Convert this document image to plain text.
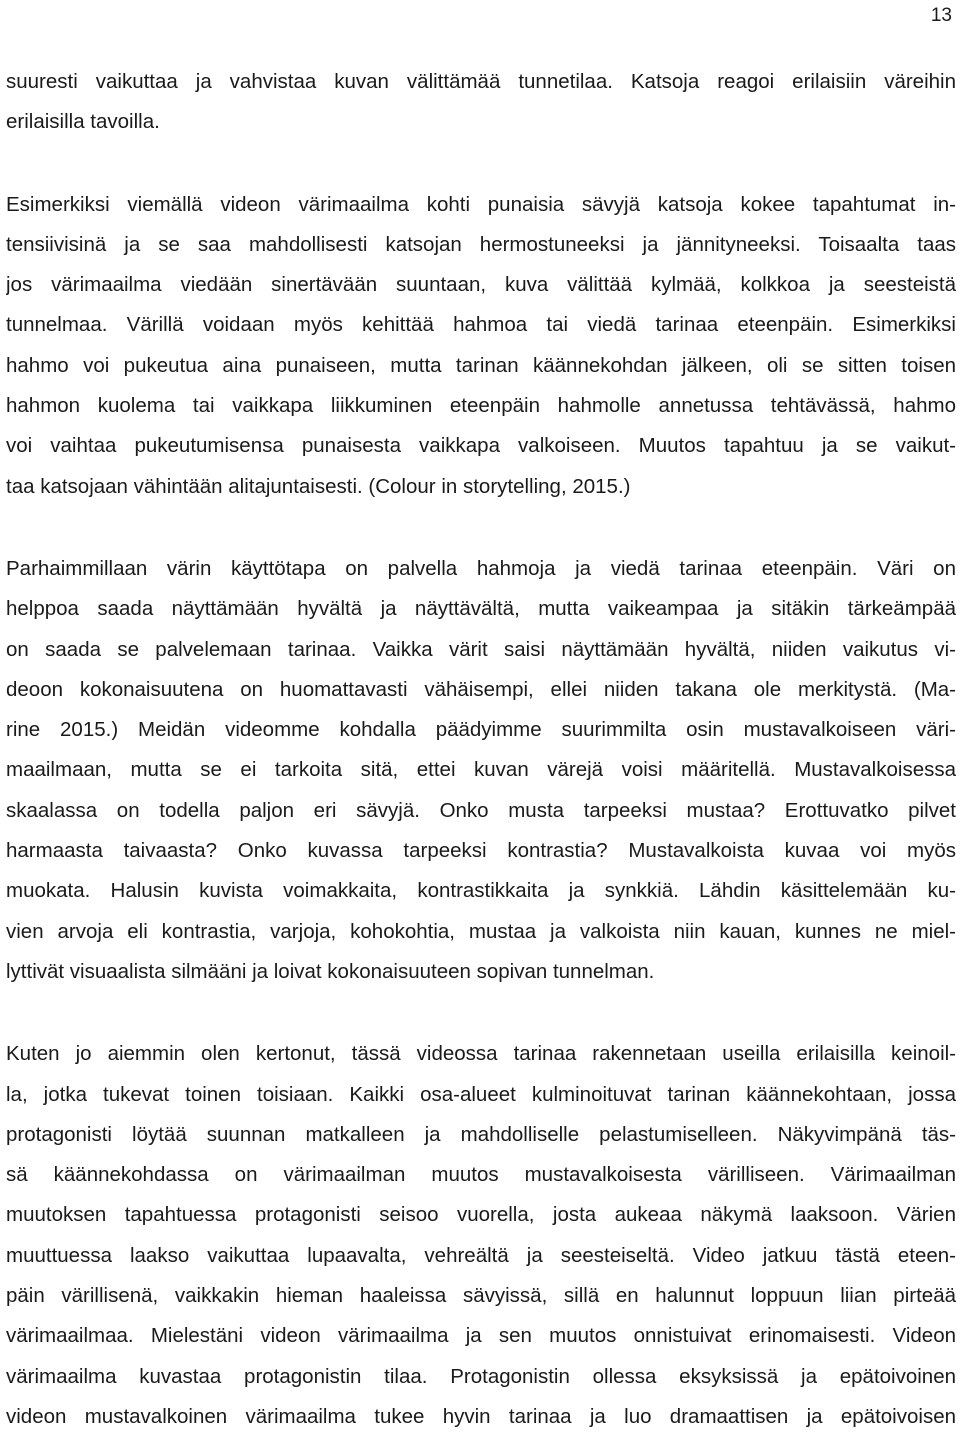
13
suuresti vaikuttaa ja vahvistaa kuvan välittämää tunnetilaa. Katsoja reagoi erilaisiin väreihin
erilaisilla tavoilla.
Esimerkiksi viemällä videon värimaailma kohti punaisia sävyjä katsoja kokee tapahtumat in-
tensiivisinä ja se saa mahdollisesti katsojan hermostuneeksi ja jännityneeksi. Toisaalta taas
jos värimaailma viedään sinertävään suuntaan, kuva välittää kylmää, kolkkoa ja seesteistä
tunnelmaa. Värillä voidaan myös kehittää hahmoa tai viedä tarinaa eteenpäin. Esimerkiksi
hahmo voi pukeutua aina punaiseen, mutta tarinan käännekohdan jälkeen, oli se sitten toisen
hahmon kuolema tai vaikkapa liikkuminen eteenpäin hahmolle annetussa tehtävässä, hahmo
voi vaihtaa pukeutumisensa punaisesta vaikkapa valkoiseen. Muutos tapahtuu ja se vaikut-
taa katsojaan vähintään alitajuntaisesti. (Colour in storytelling, 2015.)
Parhaimmillaan värin käyttötapa on palvella hahmoja ja viedä tarinaa eteenpäin. Väri on
helppoa saada näyttämään hyvältä ja näyttävältä, mutta vaikeampaa ja sitäkin tärkeämpää
on saada se palvelemaan tarinaa. Vaikka värit saisi näyttämään hyvältä, niiden vaikutus vi-
deoon kokonaisuutena on huomattavasti vähäisempi, ellei niiden takana ole merkitystä. (Ma-
rine 2015.) Meidän videomme kohdalla päädyimme suurimmilta osin mustavalkoiseen väri-
maailmaan, mutta se ei tarkoita sitä, ettei kuvan värejä voisi määritellä. Mustavalkoisessa
skaalassa on todella paljon eri sävyjä. Onko musta tarpeeksi mustaa? Erottuvatko pilvet
harmaasta taivaasta? Onko kuvassa tarpeeksi kontrastia? Mustavalkoista kuvaa voi myös
muokata. Halusin kuvista voimakkaita, kontrastikkaita ja synkkiä. Lähdin käsittelemään ku-
vien arvoja eli kontrastia, varjoja, kohokohtia, mustaa ja valkoista niin kauan, kunnes ne miel-
lyttivät visuaalista silmääni ja loivat kokonaisuuteen sopivan tunnelman.
Kuten jo aiemmin olen kertonut, tässä videossa tarinaa rakennetaan useilla erilaisilla keinoil-
la, jotka tukevat toinen toisiaan. Kaikki osa-alueet kulminoituvat tarinan käännekohtaan, jossa
protagonisti löytää suunnan matkalleen ja mahdolliselle pelastumiselleen. Näkyvimpänä täs-
sä käännekohdassa on värimaailman muutos mustavalkoisesta värilliseen. Värimaailman
muutoksen tapahtuessa protagonisti seisoo vuorella, josta aukeaa näkymä laaksoon. Värien
muuttuessa laakso vaikuttaa lupaavalta, vehreältä ja seesteiseltä. Video jatkuu tästä eteen-
päin värillisenä, vaikkakin hieman haaleissa sävyissä, sillä en halunnut loppuun liian pirteää
värimaailmaa. Mielestäni videon värimaailma ja sen muutos onnistuivat erinomaisesti. Videon
värimaailma kuvastaa protagonistin tilaa. Protagonistin ollessa eksyksissä ja epätoivoinen
videon mustavalkoinen värimaailma tukee hyvin tarinaa ja luo dramaattisen ja epätoivoisen
